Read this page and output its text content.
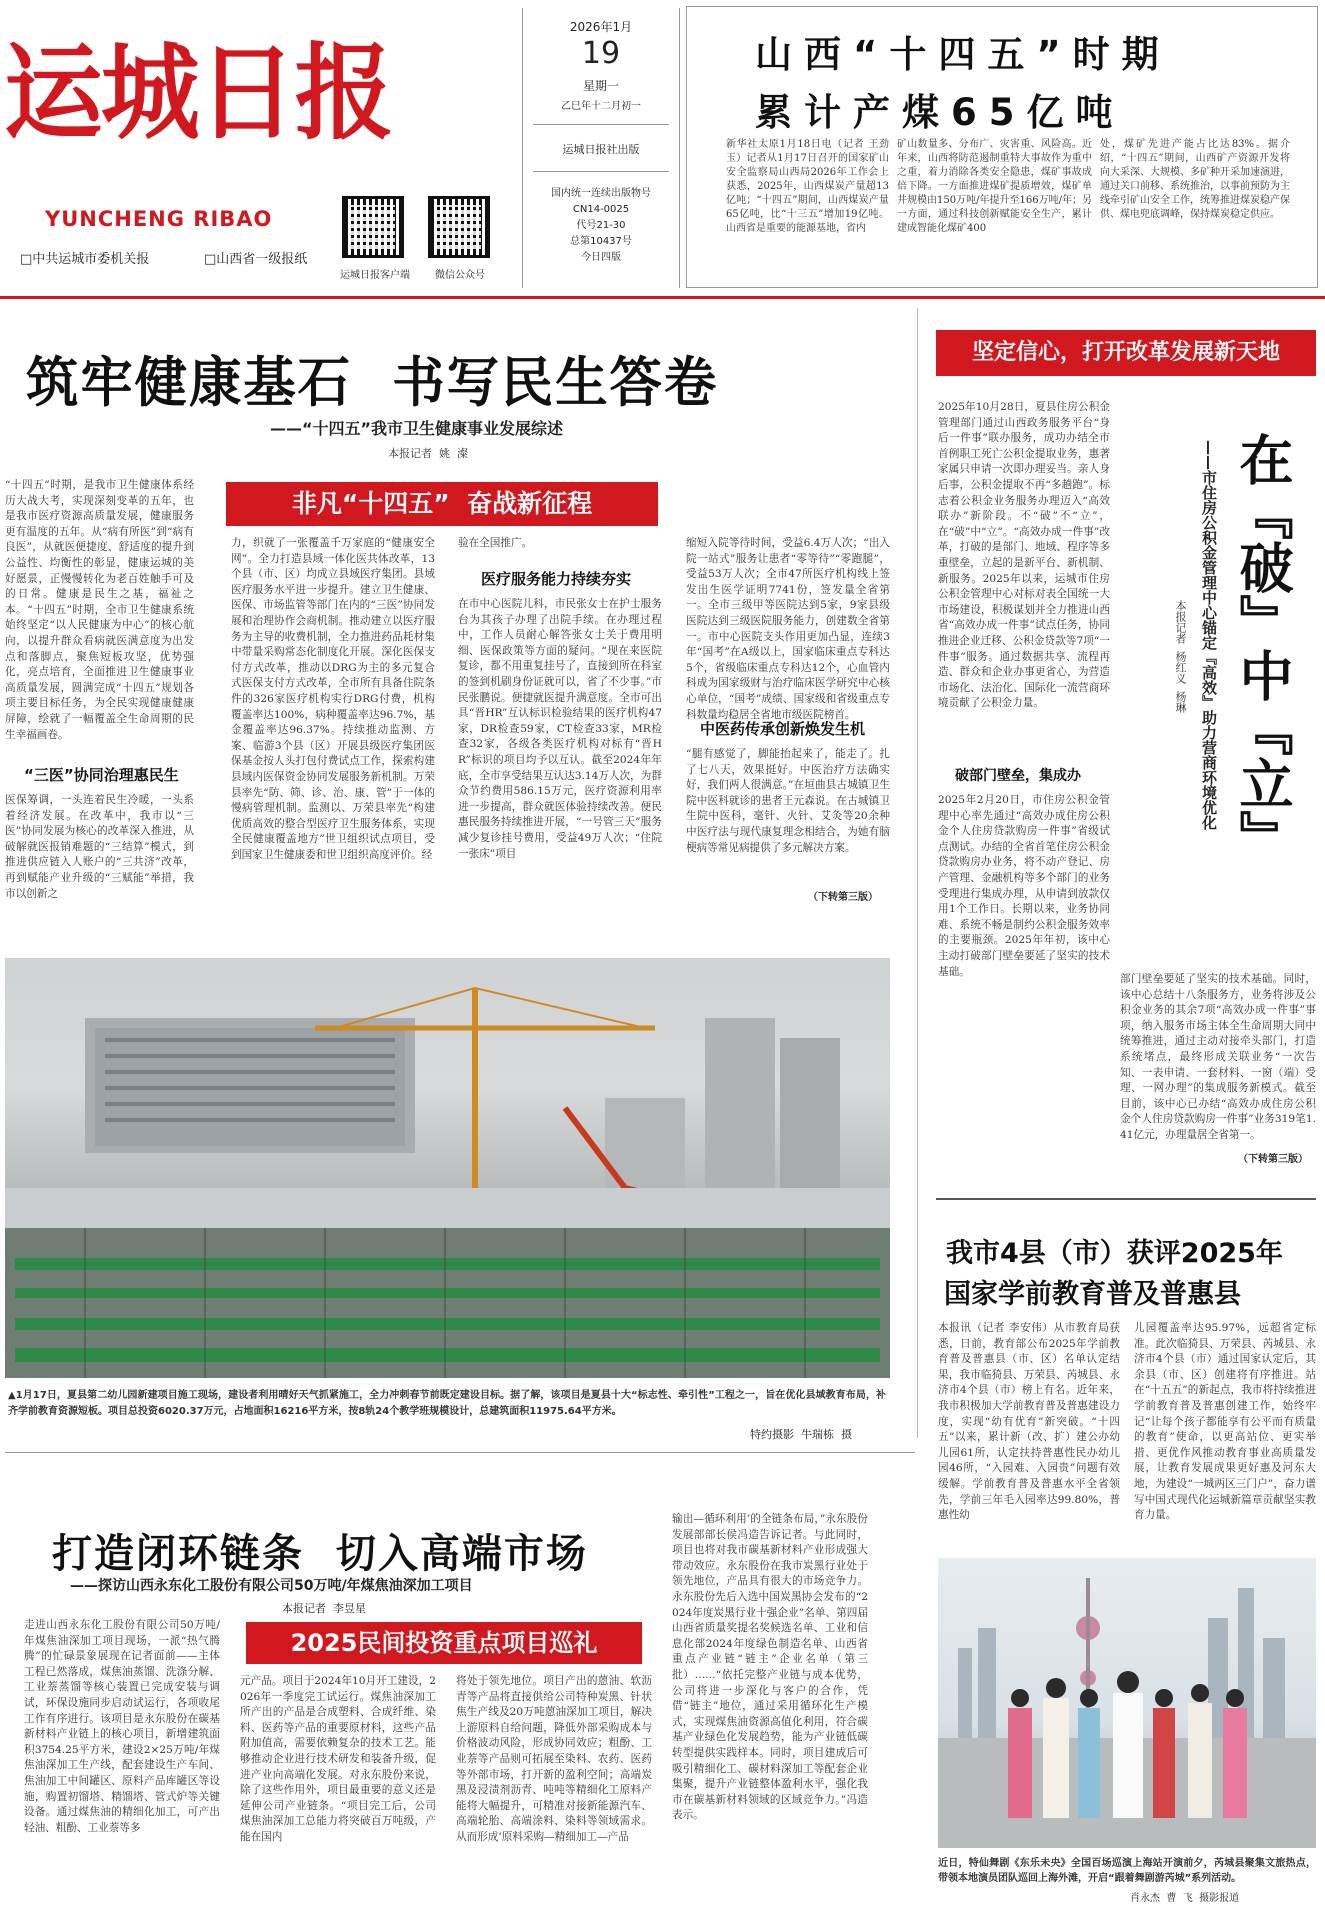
运城日报
YUNCHENG RIBAO
□中共运城市委机关报	□山西省一级报纸
运城日报客户端	微信公众号
2026年1月
19
星期一
乙巳年十二月初一
运城日报社出版
国内统一连续出版物号
CN14-0025
代号21-30
总第10437号
今日四版
山西“十四五”时期
累计产煤65亿吨
新华社太原1月18日电（记者 王劲玉）记者从1月17日召开的国家矿山安全监察局山西局2026年工作会上获悉，2025年，山西煤炭产量超13亿吨；“十四五”期间，山西煤炭产量65亿吨，比“十三五”增加19亿吨。山西省是重要的能源基地，省内
矿山数量多、分布广、灾害重、风险高。近年来，山西将防范遏制重特大事故作为重中之重，着力消除各类安全隐患，煤矿事故成倍下降。一方面推进煤矿提质增效，煤矿单井规模由150万吨/年提升至166万吨/年；另一方面，通过科技创新赋能安全生产，累计建成智能化煤矿400
处，煤矿先进产能占比达83%。据介绍，“十四五”期间，山西矿产资源开发将向大采深、大规模、多矿种开采加速演进，通过关口前移、系统推治，以事前预防为主线牵引矿山安全工作，统筹推进煤炭稳产保供、煤电兜底调峰，保持煤炭稳定供应。
筑牢健康基石  书写民生答卷
——“十四五”我市卫生健康事业发展综述
本报记者  姚  澯
非凡“十四五”  奋战新征程
“十四五”时期，是我市卫生健康体系经历大战大考，实现深刻变革的五年，也是我市医疗资源高质量发展，健康服务更有温度的五年。从“病有所医”到“病有良医”，从就医便捷度、舒适度的提升到公益性、均衡性的彰显，健康运城的美好愿景，正慢慢转化为老百姓触手可及的日常。健康是民生之基，福祉之本。“十四五”时期，全市卫生健康系统始终坚定“以人民健康为中心”的核心航向，以提升群众看病就医满意度为出发点和落脚点，聚焦短板攻坚，优势强化，亮点培育，全面推进卫生健康事业高质量发展，圆满完成“十四五”规划各项主要目标任务，为全民实现健康健康屏障，绘就了一幅覆盖全生命周期的民生幸福画卷。
“三医”协同治理惠民生
医保筹调，一头连着民生冷暖，一头系着经济发展。在改革中，我市以“三医”协同发展为核心的改革深入推进，从破解就医报销难题的“三结算”模式，到推进供应链入人账户的“三共济”改革，再到赋能产业升级的“三赋能”举措，我市以创新之
力，织就了一张覆盖千万家庭的“健康安全网”。全力打造县域一体化医共体改革，13个县（市、区）均成立县域医疗集团。县域医疗服务水平进一步提升。建立卫生健康、医保、市场监管等部门在内的“三医”协同发展和治理协作会商机制。推动建立以医疗服务为主导的收费机制，全力推进药品耗材集中带量采购常态化制度化开展。深化医保支付方式改革，推动以DRG为主的多元复合式医保支付方式改革，全市所有具备住院条件的326家医疗机构实行DRG付费，机构覆盖率达100%，病种覆盖率达96.7%，基金覆盖率达96.37%。持续推动监测、方案、临游3个县（区）开展县级医疗集团医保基金按人头打包付费试点工作，探索构建县域内医保资金协同发展服务新机制。万荣县率先“防、筛、诊、治、康、管”于一体的慢病管理机制。监测以、万荣县率先“构建优质高效的整合型医疗卫生服务体系，实现全民健康覆盖地方”世卫组织试点项目，受到国家卫生健康委和世卫组织高度评价。经
验在全国推广。
医疗服务能力持续夯实
在市中心医院儿科，市民张女士在护士服务台为其孩子办理了出院手续。在办理过程中，工作人员耐心解答张女士关于费用明细、医保政策等方面的疑问。“现在来医院复诊，都不用重复挂号了，直接到所在科室的签到机刷身份证就可以，省了不少事。”市民张鹏说。便捷就医提升满意度。全市可出具“晋HR”互认标识检验结果的医疗机构47家，DR检查59家，CT检查33家，MR检查32家，各级各类医疗机构对标有“晋HR”标识的项目均予以互认。截至2024年年底，全市享受结果互认达3.14万人次，为群众节约费用586.15万元，医疗资源利用率进一步提高，群众就医体验持续改善。便民惠民服务持续推进开展，“一号管三天”服务减少复诊挂号费用，受益49万人次；“住院一张床”项目
缩短入院等待时间，受益6.4万人次；“出入院一站式”服务让患者“零等待”“零跑腿”，受益53万人次；全市47所医疗机构线上签发出生医学证明7741份，签发量全省第一。全市三级甲等医院达到5家，9家县级医院达到三级医院服务能力，创建数全省第一。市中心医院支头作用更加凸显，连续3年“国考”在A级以上，国家临床重点专科达5个，省级临床重点专科达12个，心血管内科成为国家级财与治疗临床医学研究中心核心单位，“国考”成绩、国家级和省级重点专科数量均稳居全省地市级医院榜首。
中医药传承创新焕发生机
“腿有感觉了，脚能抬起来了，能走了。扎了七八天，效果挺好。中医治疗方法确实好，我们两人很满意。”在垣曲县古城镇卫生院中医科就诊的患者王元森说。在古城镇卫生院中医科，毫针、火针、艾灸等20余种中医疗法与现代康复理念相结合，为她有脑梗病等常见病提供了多元解决方案。
（下转第三版）
▲1月17日，夏县第二幼儿园新建项目施工现场，建设者利用晴好天气抓紧施工，全力冲刺春节前既定建设目标。据了解，该项目是夏县十大“标志性、牵引性”工程之一，旨在优化县域教育布局，补齐学前教育资源短板。项目总投资6020.37万元，占地面积16216平方米，按8轨24个教学班规模设计，总建筑面积11975.64平方米。
特约摄影  牛瑞栋  摄
坚定信心，打开改革发展新天地
2025年10月28日，夏县住房公积金管理部门通过山西政务服务平台“身后一件事”联办服务，成功办结全市首例职工死亡公积金提取业务，惠著家属只申请一次即办理妥当。亲人身后事，公积金提取不再“多趟跑”。标志着公积金业务服务办理迈入“高效联办”新阶段。不“破”不“立”，在“破”中“立”。“高效办成一件事”改革，打破的是部门、地域、程序等多重壁垒，立起的是新平台、新机制、新服务。2025年以来，运城市住房公积金管理中心对标对表全国统一大市场建设，积极谋划并全力推进山西省“高效办成一件事”试点任务，协同推进企业迁移、公积金贷款等7项“一件事”服务。通过数据共享、流程再造、群众和企业办事更省心，为营造市场化、法治化、国际化一流营商环境贡献了公积金力量。
破部门壁垒，集成办
2025年2月20日，市住房公积金管理中心率先通过“高效办成住房公积金个人住房贷款购房一件事”省级试点测试。办结的全省首笔住房公积金贷款购房办业务，将不动产登记、房产管理、金融机构等多个部门的业务受理进行集成办理，从申请到放款仅用1个工作日。长期以来，业务协同难、系统不畅是制约公积金服务效率的主要瓶颈。2025年年初，该中心主动打破部门壁垒要延了坚实的技术基础。
在『破』中『立』
——市住房公积金管理中心锚定『高效』助力营商环境优化
本报记者  杨红义  杨琳
部门壁垒要延了坚实的技术基础。同时，该中心总结十八条服务方，业务将涉及公积金业务的其余7项“高效办成一件事”事项，纳入服务市场主体全生命周期大同中统筹推进，通过主动对接牵头部门，打造系统堵点，最终形成关联业务“一次告知、一表申请、一套材料、一窗（端）受理、一网办理”的集成服务新模式。截至目前，该中心已办结“高效办成住房公积金个人住房贷款购房一件事”业务319笔1.41亿元，办理量居全省第一。
（下转第三版）
我市4县（市）获评2025年
国家学前教育普及普惠县
本报讯（记者 李安伟）从市教育局获悉，日前，教育部公布2025年学前教育普及普惠县（市、区）名单认定结果，我市临猗县、万荣县、芮城县、永济市4个县（市）榜上有名。近年来，我市积极加大学前教育普及普惠建设力度，实现“幼有优育”新突破。“十四五”以来，累计新（改、扩）建公办幼儿园61所，认定扶持普惠性民办幼儿园46所，“入园难、入园贵”问题有效缓解。学前教育普及普惠水平全省领先，学前三年毛入园率达99.80%，普惠性幼
儿园覆盖率达95.97%，远超省定标准。此次临猗县、万荣县、芮城县、永济市4个县（市）通过国家认定后，其余县（市、区）创建将有序推进。站在“十五五”的新起点，我市将持续推进学前教育普及普惠创建工作，始终牢记“让每个孩子都能享有公平而有质量的教育”使命，以更高站位、更实举措、更优作风推动教育事业高质量发展，让教育发展成果更好惠及河东大地，为建设“一城两区三门户”，奋力谱写中国式现代化运城新篇章贡献坚实教育力量。
近日，特仙舞剧《东乐未央》全国百场巡演上海站开演前夕，芮城县聚集文旅热点，带领本地演员团队巡回上海外滩，开启“跟着舞剧游芮城”系列活动。
肖永杰  曹  飞  摄影报道
打造闭环链条  切入高端市场
——探访山西永东化工股份有限公司50万吨/年煤焦油深加工项目
本报记者  李昱星
2025民间投资重点项目巡礼
走进山西永东化工股份有限公司50万吨/年煤焦油深加工项目现场，一派“热气腾腾”的忙碌景象展现在记者面前——主体工程已然落成，煤焦油蒸馏、洗涤分解、工业萘蒸馏等核心装置已完成安装与调试，环保设施同步启动试运行，各项收尾工作有序进行。该项目是永东股份在碳基新材料产业链上的核心项目，新增建筑面积3754.25平方米，建设2×25万吨/年煤焦油深加工生产线，配套建设生产车间、焦油加工中间罐区、原料产品库罐区等设施，购置初馏塔、精馏塔、管式炉等关键设备。通过煤焦油的精细化加工，可产出轻油、粗酚、工业萘等多
元产品。项目于2024年10月开工建设，2026年一季度完工试运行。煤焦油深加工所产出的产品是合成塑料、合成纤维、染料、医药等产品的重要原材料，这些产品附加值高，需要依赖复杂的技术工艺。能够推动企业进行技术研发和装备升级，促进产业向高端化发展。对永东股份来说，除了这些作用外，项目最重要的意义还是延伸公司产业链条。“项目完工后，公司煤焦油深加工总能力将突破百万吨级，产能在国内
将处于领先地位。项目产出的蒽油、软沥青等产品将直接供给公司特种炭黑、针状焦生产线及20万吨蒽油深加工项目，解决上游原料自给问题，降低外部采购成本与价格波动风险，形成协同效应；粗酚、工业萘等产品则可拓展至染料、农药、医药等外部市场，打开新的盈利空间；高端炭黑及浸渍剂沥青、吨吨等精细化工原料产能将大幅提升，可精准对接新能源汽车、高端轮胎、高端涂料、染料等领域需求。从而形成‘原料采购—精细加工—产品
输出—循环利用’的全链条布局，”永东股份发展部部长侯冯造告诉记者。与此同时，项目也将对我市碳基新材料产业形成强大带动效应。永东股份在我市炭黑行业处于领先地位，产品具有很大的市场竞争力。永东股份先后入选中国炭黑协会发布的“2024年度炭黑行业十强企业”名单、第四届山西省质量奖提名奖候选名单、工业和信息化部2024年度绿色制造名单、山西省重点产业链“链主”企业名单（第三批）……“依托完整产业链与成本优势，公司将进一步深化与客户的合作，凭借“链主”地位，通过采用循环化生产模式，实现煤焦油资源高值化利用，符合碳基产业绿色化发展趋势，能为产业链低碳转型提供实践样本。同时，项目建成后可吸引精细化工、碳材料深加工等配套企业集聚，提升产业链整体盈利水平，强化我市在碳基新材料领域的区域竞争力。”冯造表示。
